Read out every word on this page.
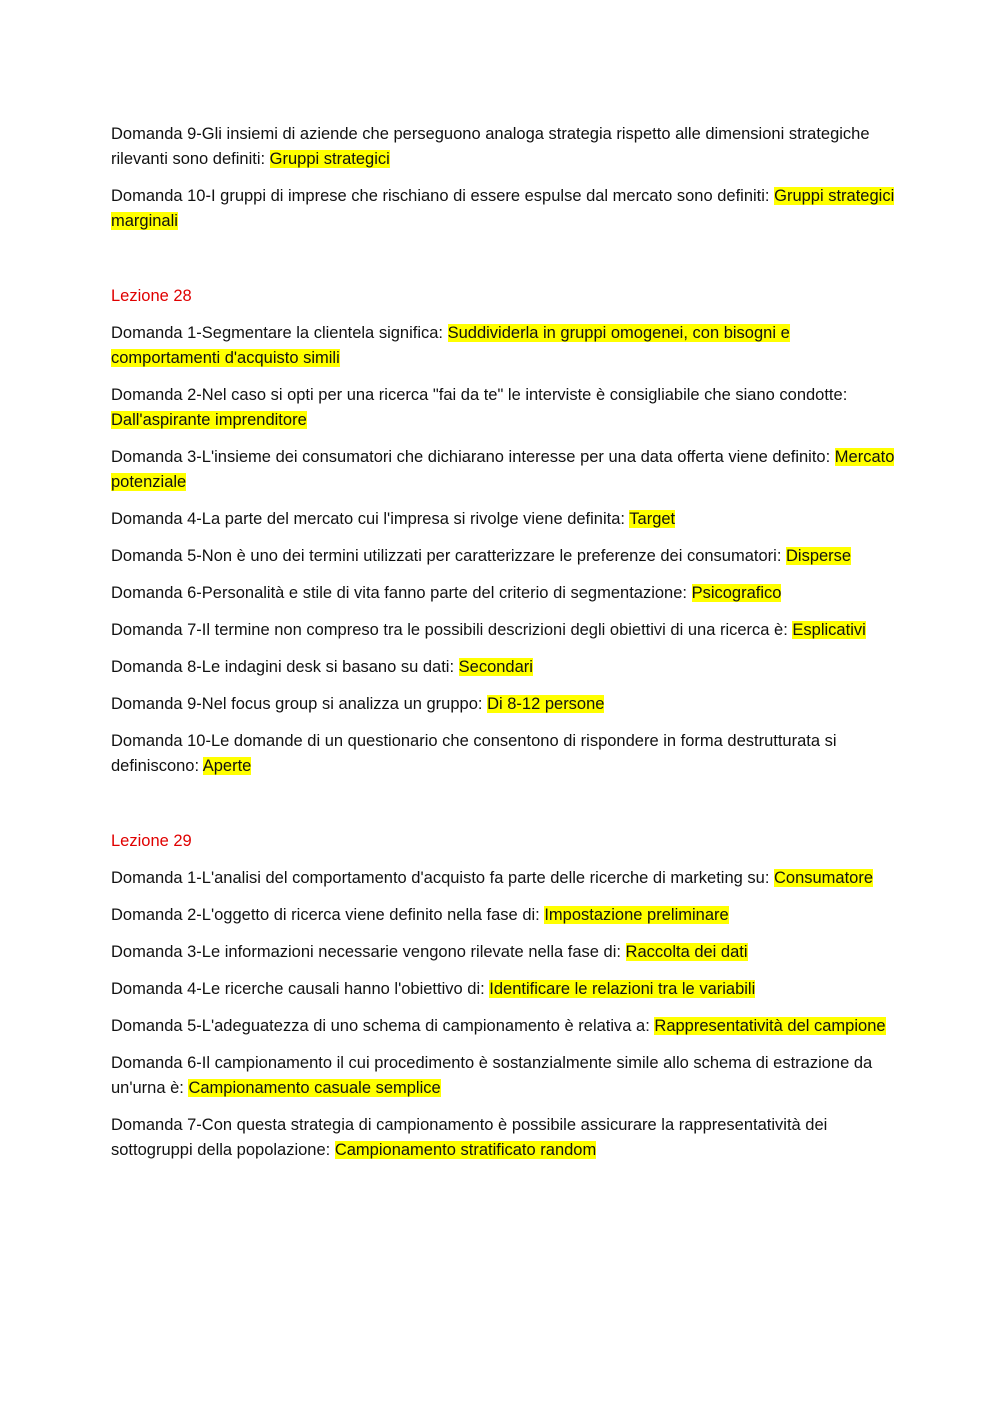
Domanda 9-Gli insiemi di aziende che perseguono analoga strategia rispetto alle dimensioni strategiche rilevanti sono definiti: Gruppi strategici

Domanda 10-I gruppi di imprese che rischiano di essere espulse dal mercato sono definiti: Gruppi strategici marginali

Lezione 28

Domanda 1-Segmentare la clientela significa: Suddividerla in gruppi omogenei, con bisogni e comportamenti d'acquisto simili

Domanda 2-Nel caso si opti per una ricerca "fai da te" le interviste è consigliabile che siano condotte: Dall'aspirante imprenditore

Domanda 3-L'insieme dei consumatori che dichiarano interesse per una data offerta viene definito: Mercato potenziale

Domanda 4-La parte del mercato cui l'impresa si rivolge viene definita: Target

Domanda 5-Non è uno dei termini utilizzati per caratterizzare le preferenze dei consumatori: Disperse

Domanda 6-Personalità e stile di vita fanno parte del criterio di segmentazione: Psicografico

Domanda 7-Il termine non compreso tra le possibili descrizioni degli obiettivi di una ricerca è: Esplicativi

Domanda 8-Le indagini desk si basano su dati: Secondari

Domanda 9-Nel focus group si analizza un gruppo: Di 8-12 persone

Domanda 10-Le domande di un questionario che consentono di rispondere in forma destrutturata si definiscono: Aperte

Lezione 29

Domanda 1-L'analisi del comportamento d'acquisto fa parte delle ricerche di marketing su: Consumatore

Domanda 2-L'oggetto di ricerca viene definito nella fase di: Impostazione preliminare

Domanda 3-Le informazioni necessarie vengono rilevate nella fase di: Raccolta dei dati

Domanda 4-Le ricerche causali hanno l'obiettivo di: Identificare le relazioni tra le variabili

Domanda 5-L'adeguatezza di uno schema di campionamento è relativa a: Rappresentatività del campione

Domanda 6-Il campionamento il cui procedimento è sostanzialmente simile allo schema di estrazione da un'urna è: Campionamento casuale semplice

Domanda 7-Con questa strategia di campionamento è possibile assicurare la rappresentatività dei sottogruppi della popolazione: Campionamento stratificato random
